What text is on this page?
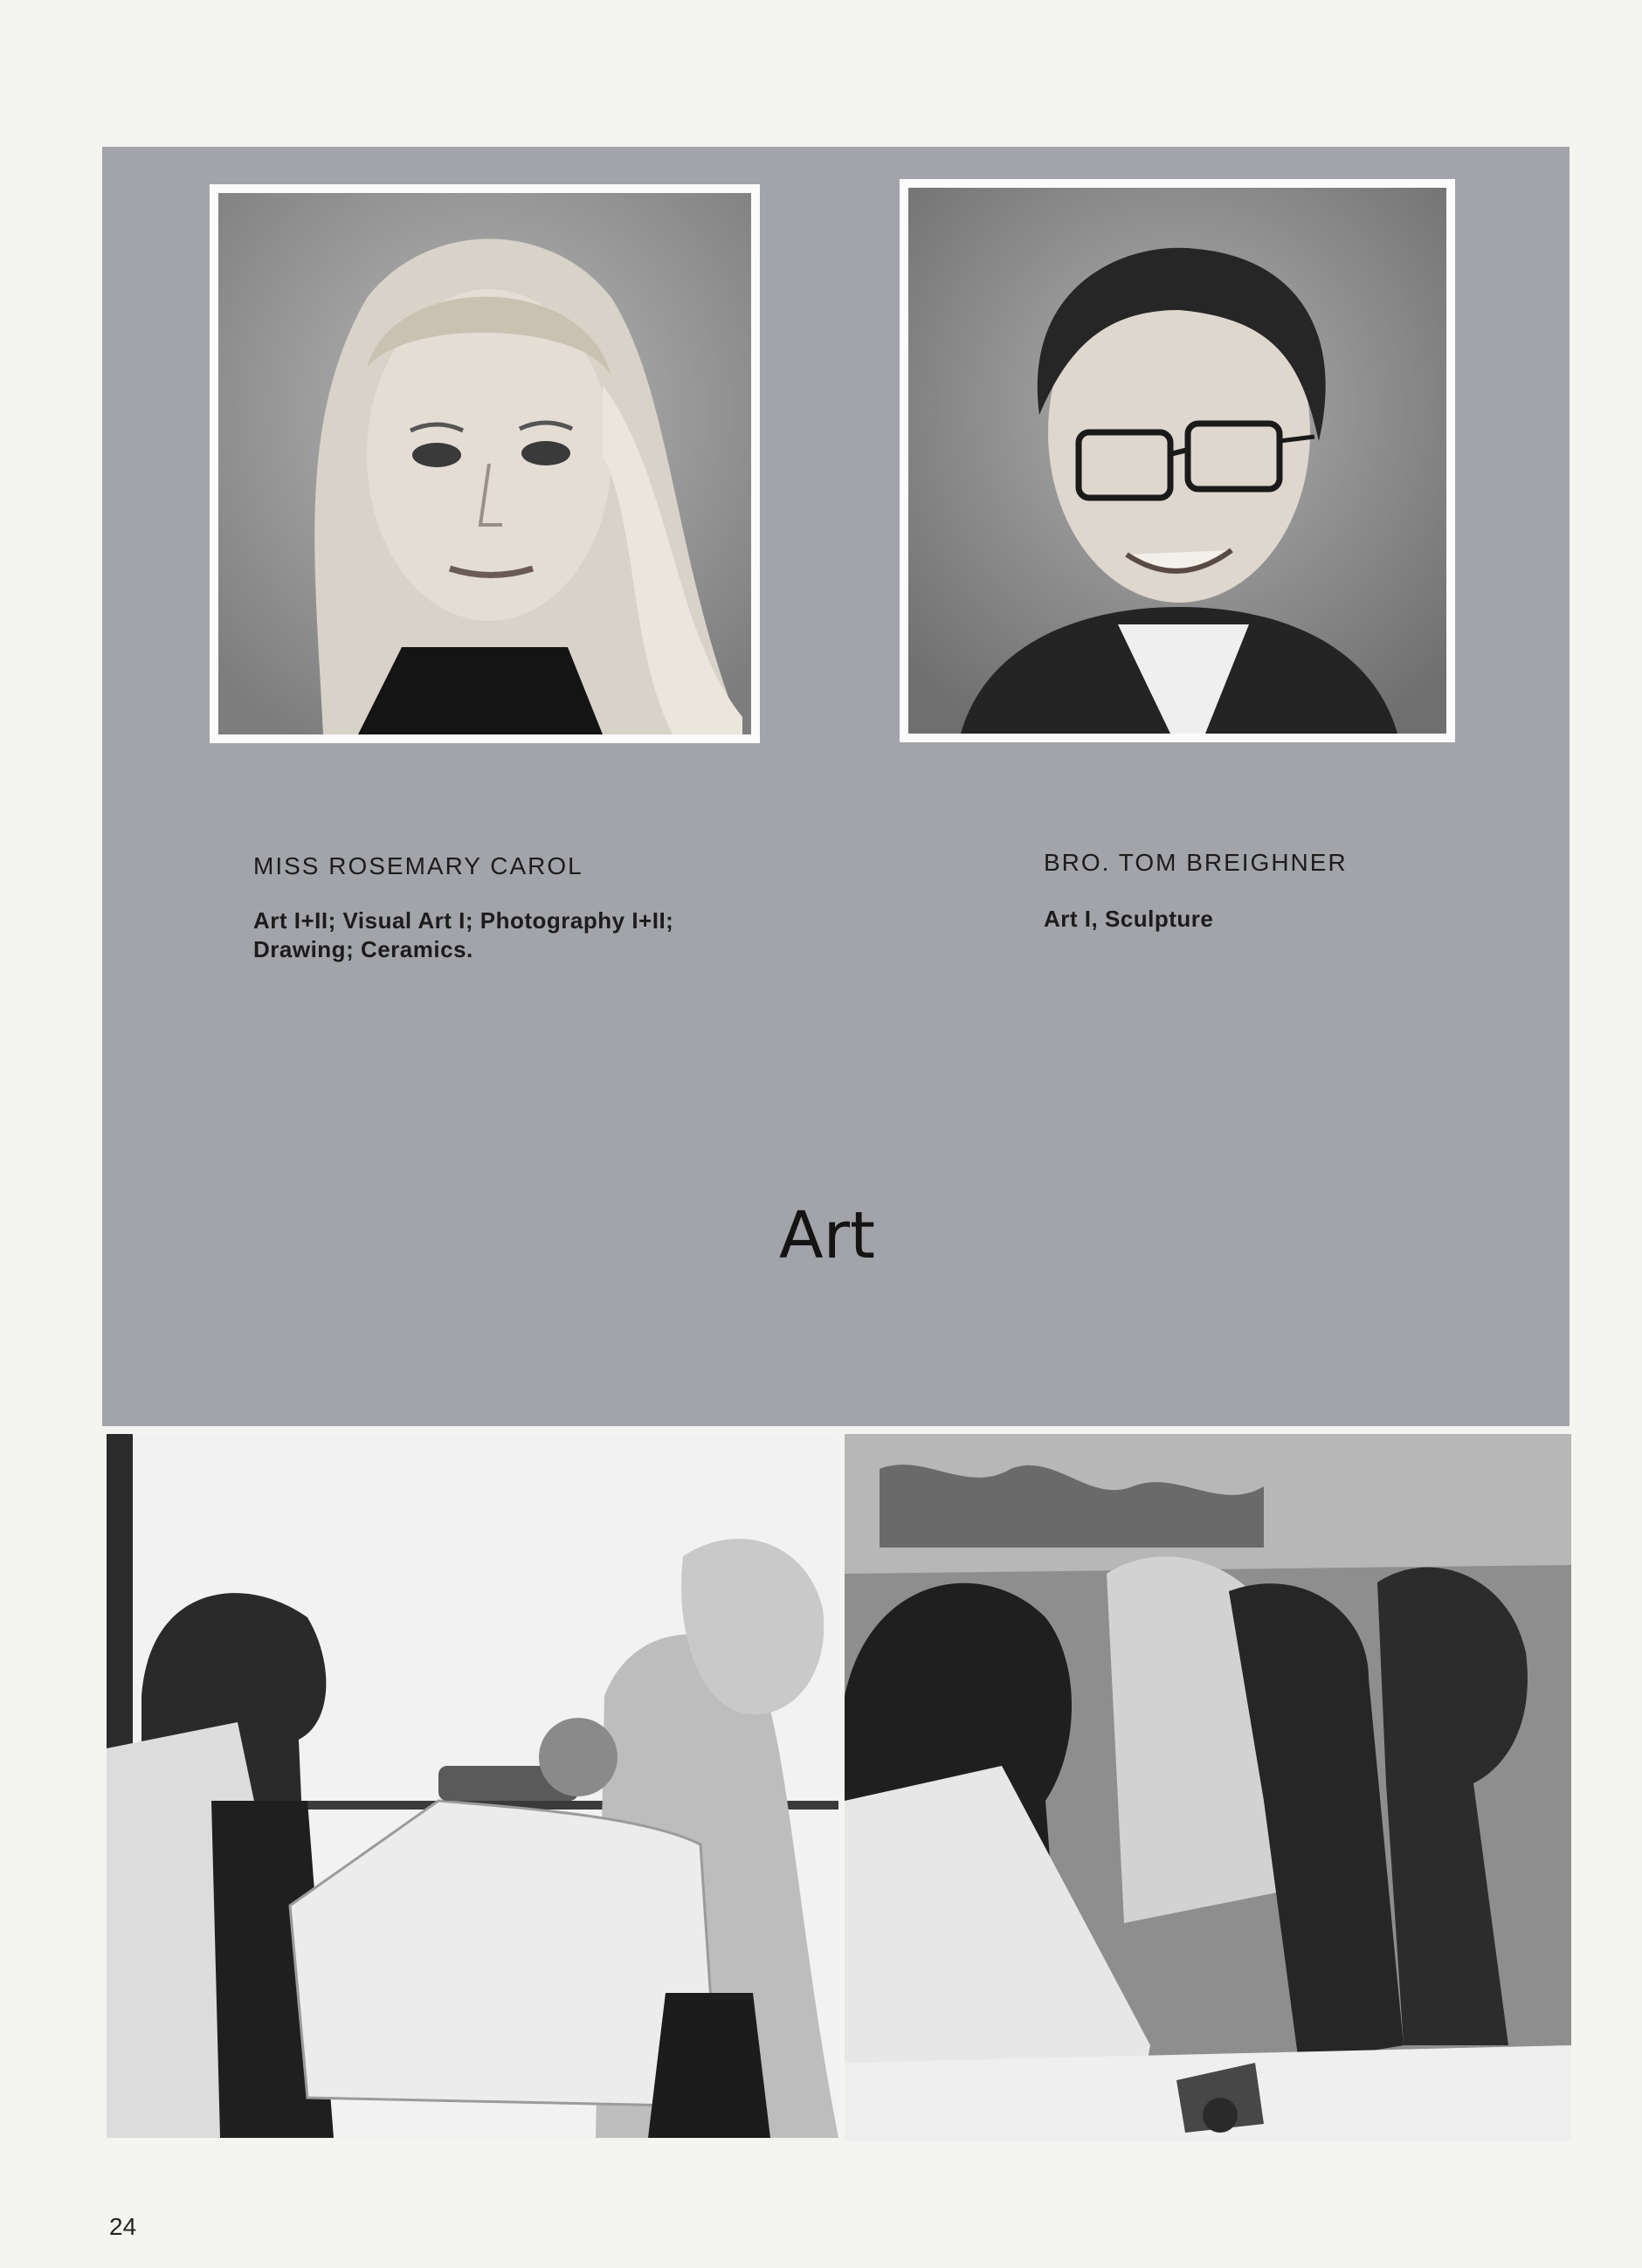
MISS ROSEMARY CAROL
Art I+II; Visual Art I; Photography I+II;
Drawing; Ceramics.
BRO. TOM BREIGHNER
Art I, Sculpture
Art
24
